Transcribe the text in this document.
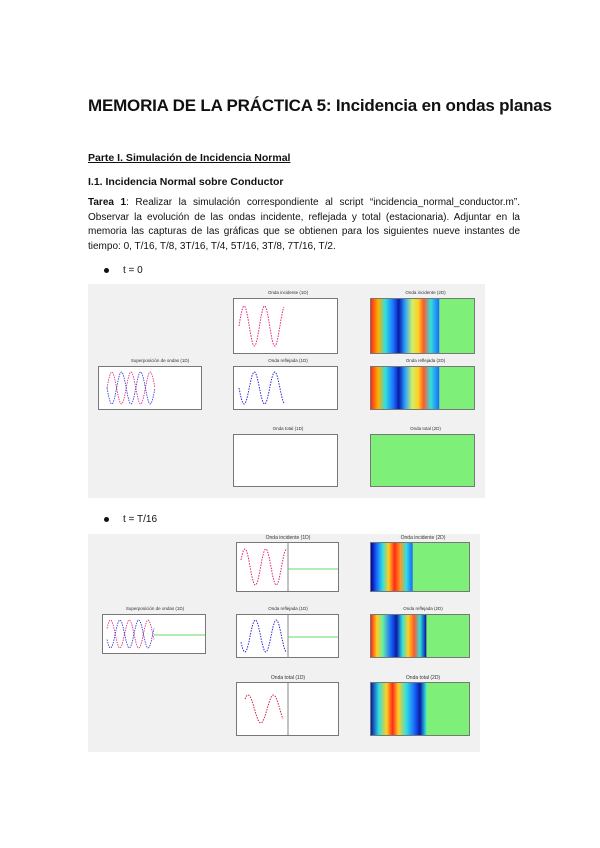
MEMORIA DE LA PRÁCTICA 5: Incidencia en ondas planas
Parte I. Simulación de Incidencia Normal
I.1. Incidencia Normal sobre Conductor
Tarea 1: Realizar la simulación correspondiente al script “incidencia_normal_conductor.m”. Observar la evolución de las ondas incidente, reflejada y total (estacionaria). Adjuntar en la memoria las capturas de las gráficas que se obtienen para los siguientes nueve instantes de tiempo: 0, T/16, T/8, 3T/16, T/4, 5T/16, 3T/8, 7T/16, T/2.
t = 0
Onda incidente (1D)	Onda incidente (2D)
Superposición de ondas (1D)	Onda reflejada (1D)	Onda reflejada (2D)
Onda total (1D)	Onda total (2D)
t = T/16
Onda incidente (1D)	Onda incidente (2D)
Superposición de ondas (1D)	Onda reflejada (1D)	Onda reflejada (2D)
Onda total (1D)	Onda total (2D)
